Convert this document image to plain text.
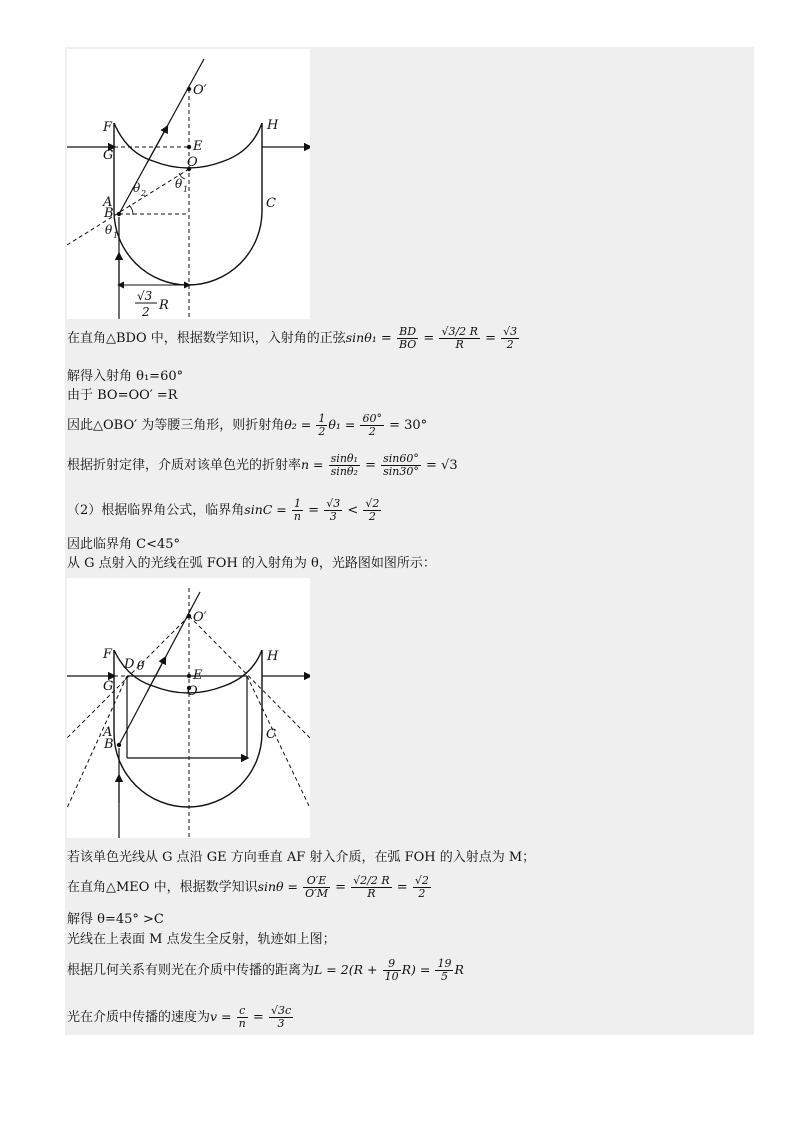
O′
F	H
G
E
O
A
B
C
θ 2
θ 1
θ 1
√3
2 R
在直角△BDO 中，根据数学知识，入射角的正弦$\sin\theta_1 = \frac{BD}{BO} = \frac{√3/2 R}{R} = \frac{√3}{2}$
解得入射角 θ₁=60°
由于 BO=OO′ =R
因此△OBO′ 为等腰三角形，则折射角$\theta_2 = \frac{1}{2} \theta_1 = \frac{60^\circ}{2} = 30^\circ$
根据折射定律，介质对该单色光的折射率$n = \frac{\text{sinθ₁}}{\text{sinθ₂}} = \frac{\sin 60^\circ}{\sin 30^\circ} = √3$
（2）根据临界角公式，临界角$\sin C = \frac{1}{n} = \frac{√3}{3} < \frac{√2}{2}$
因此临界角 C<45°
从 G 点射入的光线在弧 FOH 的入射角为 θ，光路图如图所示：
O′
F
D θ
E
H
G	O
A
B
C
若该单色光线从 G 点沿 GE 方向垂直 AF 射入介质，在弧 FOH 的入射点为 M；
在直角△MEO 中，根据数学知识$\sin\theta = \frac{O'E}{O'M} = \frac{√2/2 R}{R} = \frac{√2}{2}$
解得 θ=45° >C
光线在上表面 M 点发生全反射，轨迹如上图；
根据几何关系有则光在介质中传播的距离为$L = 2(R + \frac{9}{10} R) = \frac{19}{5}$ R
光在介质中传播的速度为$v = \frac{c}{n} = \frac{√3c}{3}$
